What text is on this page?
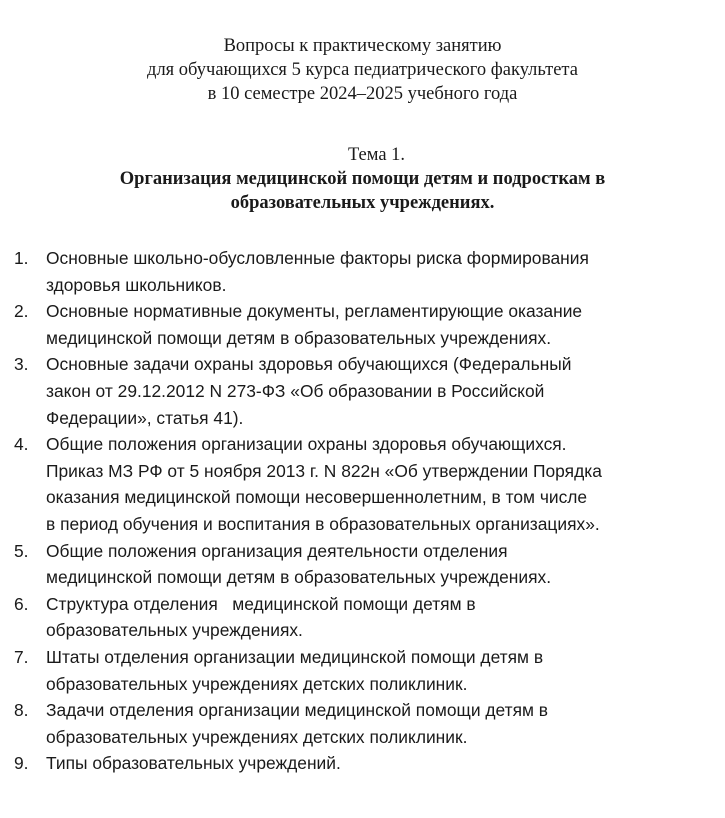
Вопросы к практическому занятию
для обучающихся 5 курса педиатрического факультета
в 10 семестре 2024–2025 учебного года
Тема 1.
Организация медицинской помощи детям и подросткам в
образовательных учреждениях.
1. Основные школьно-обусловленные факторы риска формирования
здоровья школьников.
2. Основные нормативные документы, регламентирующие оказание
медицинской помощи детям в образовательных учреждениях.
3. Основные задачи охраны здоровья обучающихся (Федеральный
закон от 29.12.2012 N 273-ФЗ «Об образовании в Российской
Федерации», статья 41).
4. Общие положения организации охраны здоровья обучающихся.
Приказ МЗ РФ от 5 ноября 2013 г. N 822н «Об утверждении Порядка
оказания медицинской помощи несовершеннолетним, в том числе
в период обучения и воспитания в образовательных организациях».
5. Общие положения организация деятельности отделения
медицинской помощи детям в образовательных учреждениях.
6. Структура отделения   медицинской помощи детям в
образовательных учреждениях.
7. Штаты отделения организации медицинской помощи детям в
образовательных учреждениях детских поликлиник.
8. Задачи отделения организации медицинской помощи детям в
образовательных учреждениях детских поликлиник.
9. Типы образовательных учреждений.
